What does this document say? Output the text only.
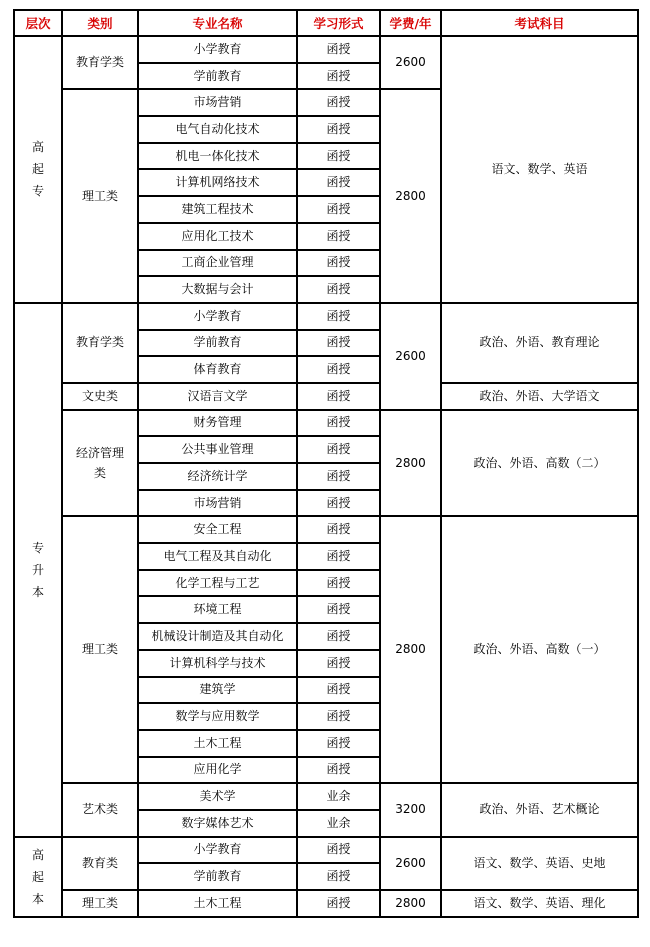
层次	类别	专业名称	学习形式	学费/年	考试科目
高起专	教育学类	小学教育	函授	2600	语文、数学、英语
		学前教育	函授		
	理工类	市场营销	函授	2800	
		电气自动化技术	函授		
		机电一体化技术	函授		
		计算机网络技术	函授		
		建筑工程技术	函授		
		应用化工技术	函授		
		工商企业管理	函授		
		大数据与会计	函授		
专升本	教育学类	小学教育	函授	2600	政治、外语、教育理论
		学前教育	函授		
		体育教育	函授		
	文史类	汉语言文学	函授		政治、外语、大学语文
	经济管理类	财务管理	函授	2800	政治、外语、高数（二）
		公共事业管理	函授		
		经济统计学	函授		
		市场营销	函授		
	理工类	安全工程	函授	2800	政治、外语、高数（一）
		电气工程及其自动化	函授		
		化学工程与工艺	函授		
		环境工程	函授		
		机械设计制造及其自动化	函授		
		计算机科学与技术	函授		
		建筑学	函授		
		数学与应用数学	函授		
		土木工程	函授		
		应用化学	函授		
	艺术类	美术学	业余	3200	政治、外语、艺术概论
		数字媒体艺术	业余		
高起本	教育类	小学教育	函授	2600	语文、数学、英语、史地
		学前教育	函授		
	理工类	土木工程	函授	2800	语文、数学、英语、理化
